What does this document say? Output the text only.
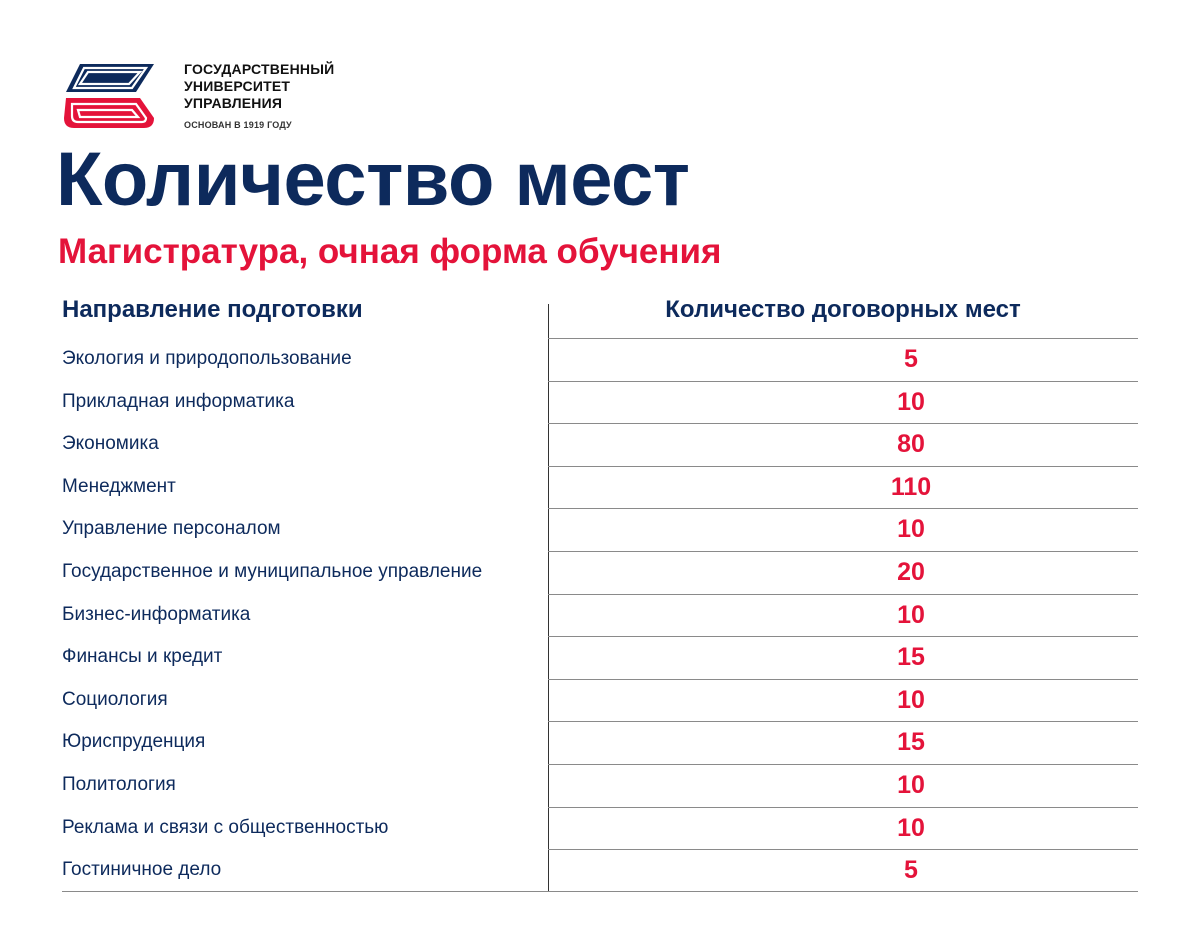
ГОСУДАРСТВЕННЫЙ
УНИВЕРСИТЕТ
УПРАВЛЕНИЯ
ОСНОВАН В 1919 ГОДУ
Количество мест
Магистратура, очная форма обучения
Направление подготовки	Количество договорных мест
Экология и природопользование	5
Прикладная информатика	10
Экономика	80
Менеджмент	110
Управление персоналом	10
Государственное и муниципальное управление	20
Бизнес-информатика	10
Финансы и кредит	15
Социология	10
Юриспруденция	15
Политология	10
Реклама и связи с общественностью	10
Гостиничное дело	5
